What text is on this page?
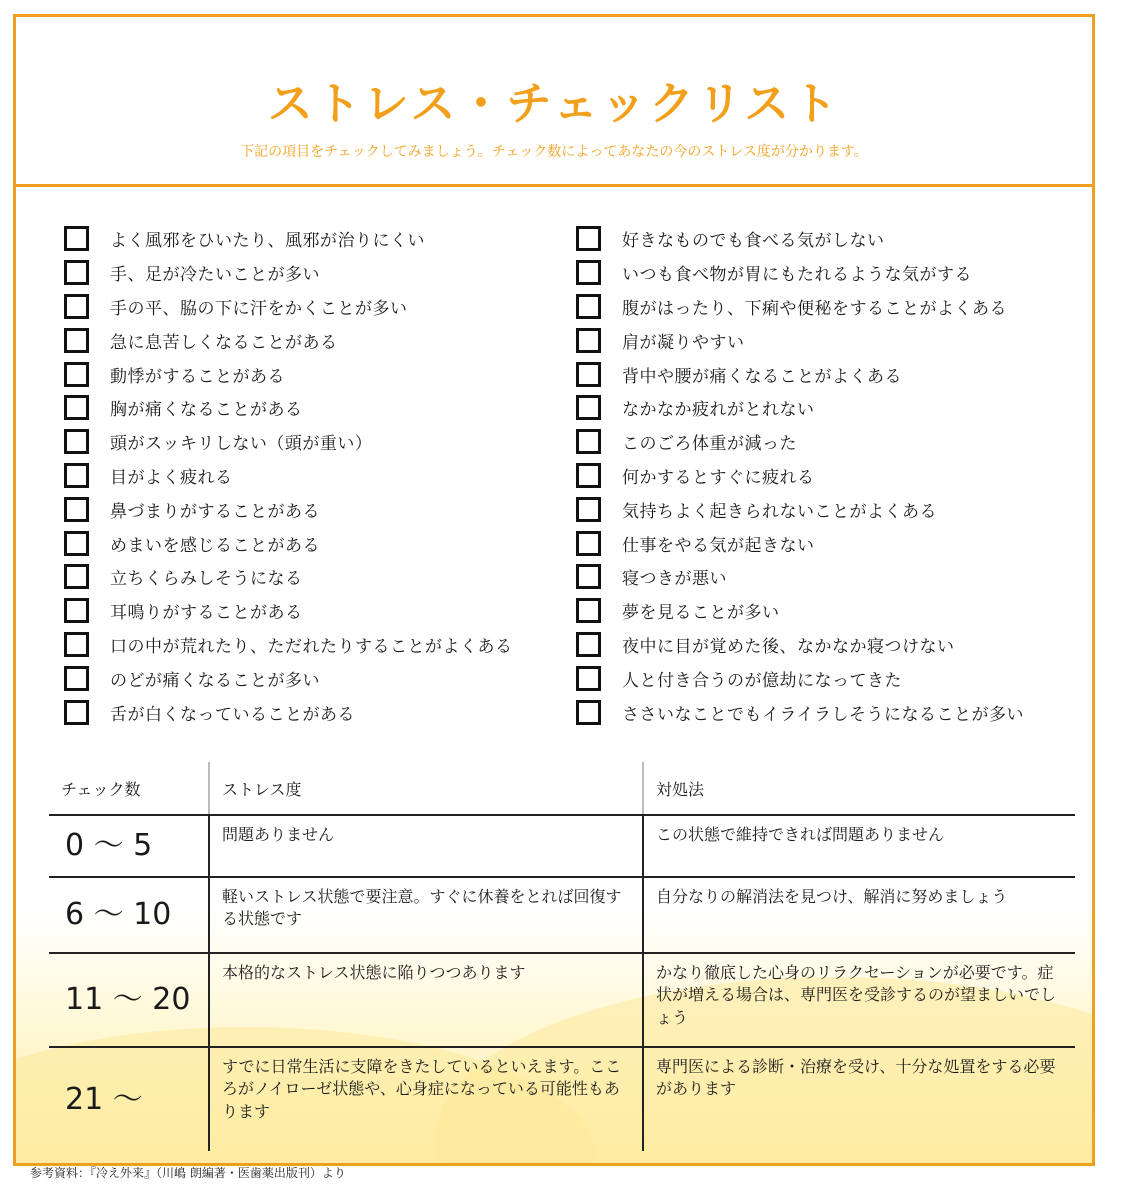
ストレス・チェックリスト
下記の項目をチェックしてみましょう。チェック数によってあなたの今のストレス度が分かります。
よく風邪をひいたり、風邪が治りにくい
手、足が冷たいことが多い
手の平、脇の下に汗をかくことが多い
急に息苦しくなることがある
動悸がすることがある
胸が痛くなることがある
頭がスッキリしない（頭が重い）
目がよく疲れる
鼻づまりがすることがある
めまいを感じることがある
立ちくらみしそうになる
耳鳴りがすることがある
口の中が荒れたり、ただれたりすることがよくある
のどが痛くなることが多い
舌が白くなっていることがある
好きなものでも食べる気がしない
いつも食べ物が胃にもたれるような気がする
腹がはったり、下痢や便秘をすることがよくある
肩が凝りやすい
背中や腰が痛くなることがよくある
なかなか疲れがとれない
このごろ体重が減った
何かするとすぐに疲れる
気持ちよく起きられないことがよくある
仕事をやる気が起きない
寝つきが悪い
夢を見ることが多い
夜中に目が覚めた後、なかなか寝つけない
人と付き合うのが億劫になってきた
ささいなことでもイライラしそうになることが多い
チェック数	ストレス度	対処法
0 ～ 5	問題ありません	この状態で維持できれば問題ありません
6 ～ 10	軽いストレス状態で要注意。すぐに休養をとれば回復する状態です	自分なりの解消法を見つけ、解消に努めましょう
11 ～ 20	本格的なストレス状態に陥りつつあります	かなり徹底した心身のリラクセーションが必要です。症状が増える場合は、専門医を受診するのが望ましいでしょう
21 ～	すでに日常生活に支障をきたしているといえます。こころがノイローゼ状態や、心身症になっている可能性もあります	専門医による診断・治療を受け、十分な処置をする必要があります
参考資料：『冷え外来』（川嶋 朗編著・医歯薬出版刊）より
